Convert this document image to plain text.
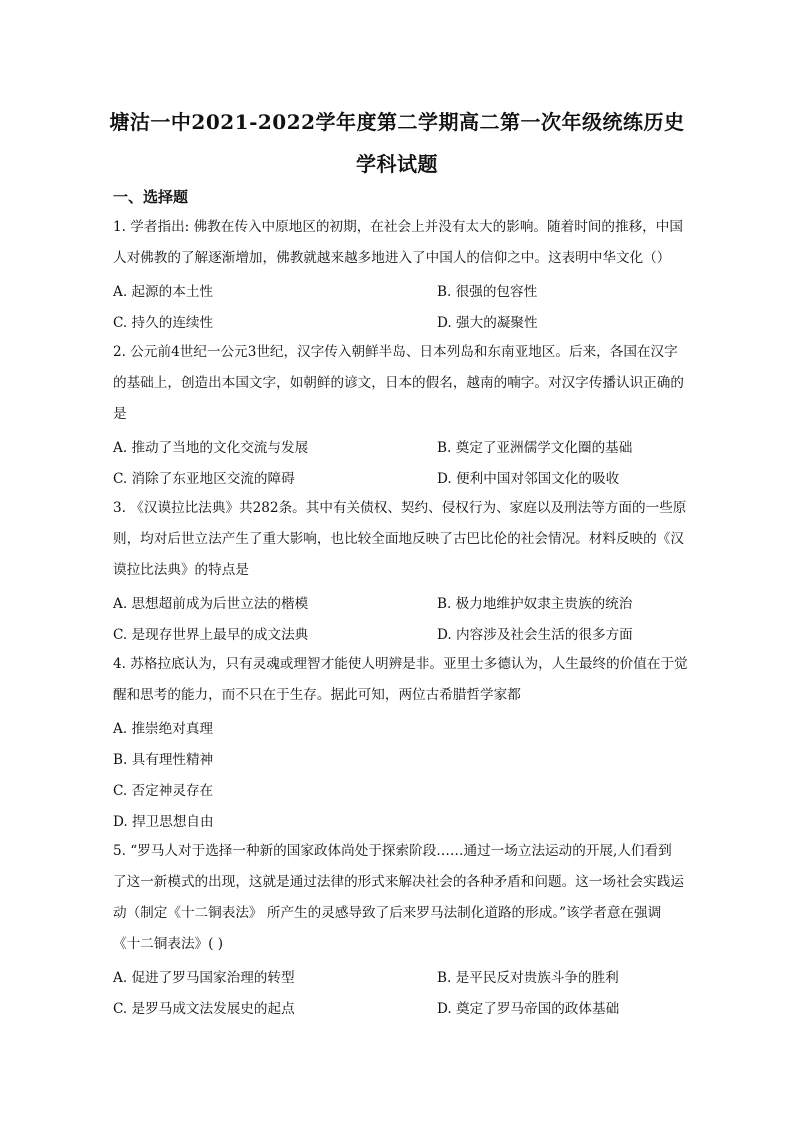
塘沽一中2021-2022学年度第二学期高二第一次年级统练历史
学科试题
一、选择题
1. 学者指出: 佛教在传入中原地区的初期，在社会上并没有太大的影响。随着时间的推移，中国
人对佛教的了解逐渐增加，佛教就越来越多地进入了中国人的信仰之中。这表明中华文化（）
A. 起源的本土性	B. 很强的包容性
C. 持久的连续性	D. 强大的凝聚性
2. 公元前4世纪一公元3世纪，汉字传入朝鲜半岛、日本列岛和东南亚地区。后来，各国在汉字
的基础上，创造出本国文字，如朝鲜的谚文，日本的假名，越南的喃字。对汉字传播认识正确的
是
A. 推动了当地的文化交流与发展	B. 奠定了亚洲儒学文化圈的基础
C. 消除了东亚地区交流的障碍	D. 便利中国对邻国文化的吸收
3. 《汉谟拉比法典》共282条。其中有关债权、契约、侵权行为、家庭以及刑法等方面的一些原
则，均对后世立法产生了重大影响，也比较全面地反映了古巴比伦的社会情况。材料反映的《汉
谟拉比法典》的特点是
A. 思想超前成为后世立法的楷模	B. 极力地维护奴隶主贵族的统治
C. 是现存世界上最早的成文法典	D. 内容涉及社会生活的很多方面
4. 苏格拉底认为，只有灵魂或理智才能使人明辨是非。亚里士多德认为，人生最终的价值在于觉
醒和思考的能力，而不只在于生存。据此可知，两位古希腊哲学家都
A. 推崇绝对真理
B. 具有理性精神
C. 否定神灵存在
D. 捍卫思想自由
5. “罗马人对于选择一种新的国家政体尚处于探索阶段……通过一场立法运动的开展,人们看到
了这一新模式的出现，这就是通过法律的形式来解决社会的各种矛盾和问题。这一场社会实践运
动（制定《十二铜表法》 所产生的灵感导致了后来罗马法制化道路的形成。”该学者意在强调
《十二铜表法》( )
A. 促进了罗马国家治理的转型	B. 是平民反对贵族斗争的胜利
C. 是罗马成文法发展史的起点	D. 奠定了罗马帝国的政体基础
